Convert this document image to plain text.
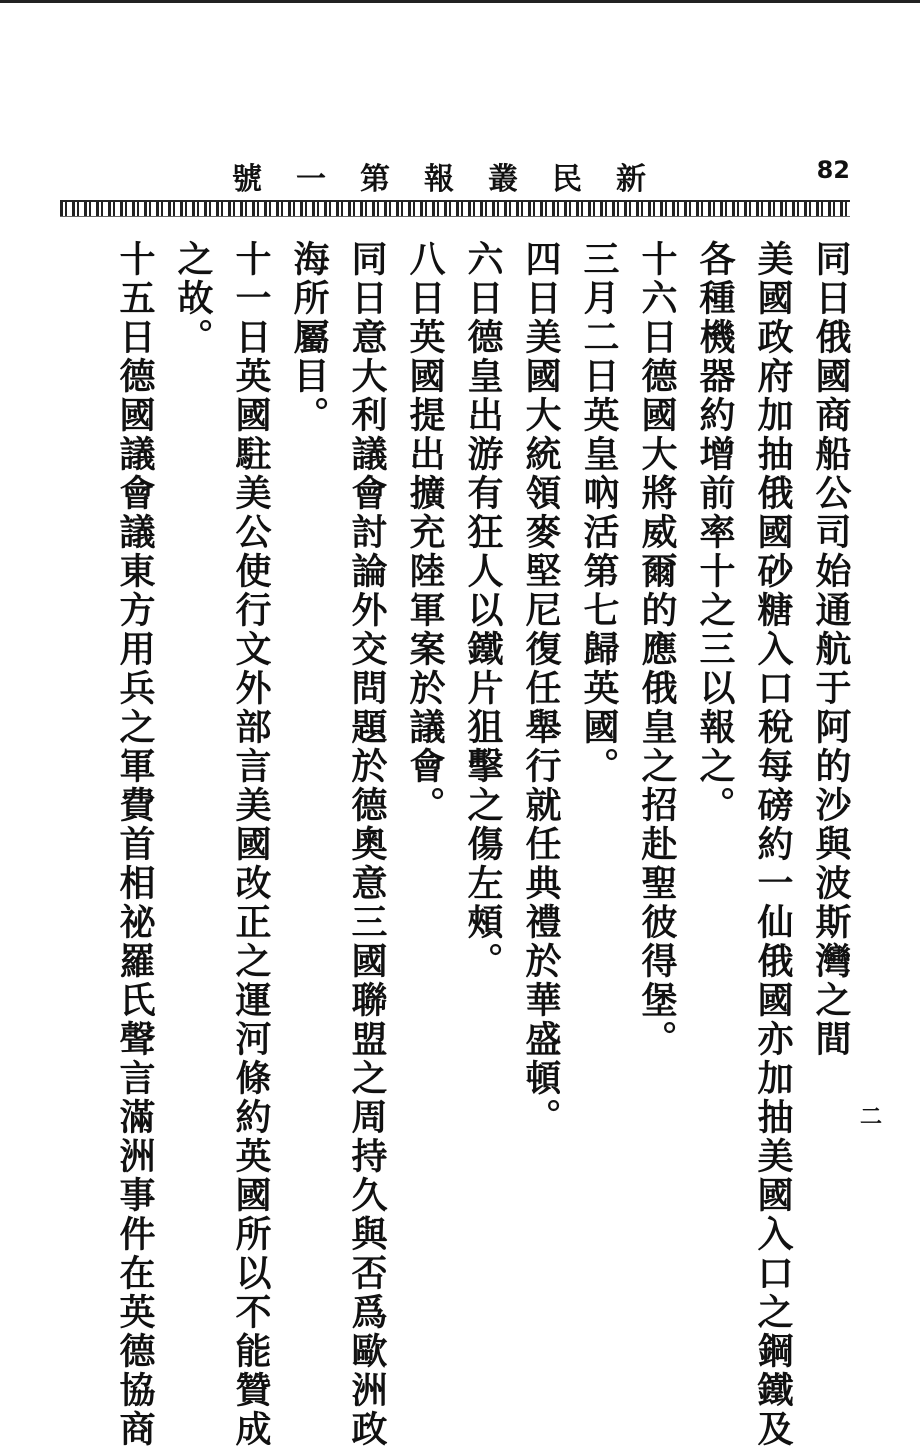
新民叢報第一號	82
同日俄國商船公司始通航于阿的沙與波斯灣之間
美國政府加抽俄國砂糖入口稅每磅約一仙俄國亦加抽美國入口之鋼鐵及
各種機器約增前率十之三以報之。
十六日德國大將威爾的應俄皇之招赴聖彼得堡。
三月二日英皇吶活第七歸英國。
四日美國大統領麥堅尼復任舉行就任典禮於華盛頓。
六日德皇出游有狂人以鐵片狙擊之傷左頰。
八日英國提出擴充陸軍案於議會。
同日意大利議會討論外交問題於德奧意三國聯盟之周持久與否爲歐洲政
海所屬目。
十一日英國駐美公使行文外部言美國改正之運河條約英國所以不能贊成
之故。
十五日德國議會議東方用兵之軍費首相祕羅氏聲言滿洲事件在英德協商	二
